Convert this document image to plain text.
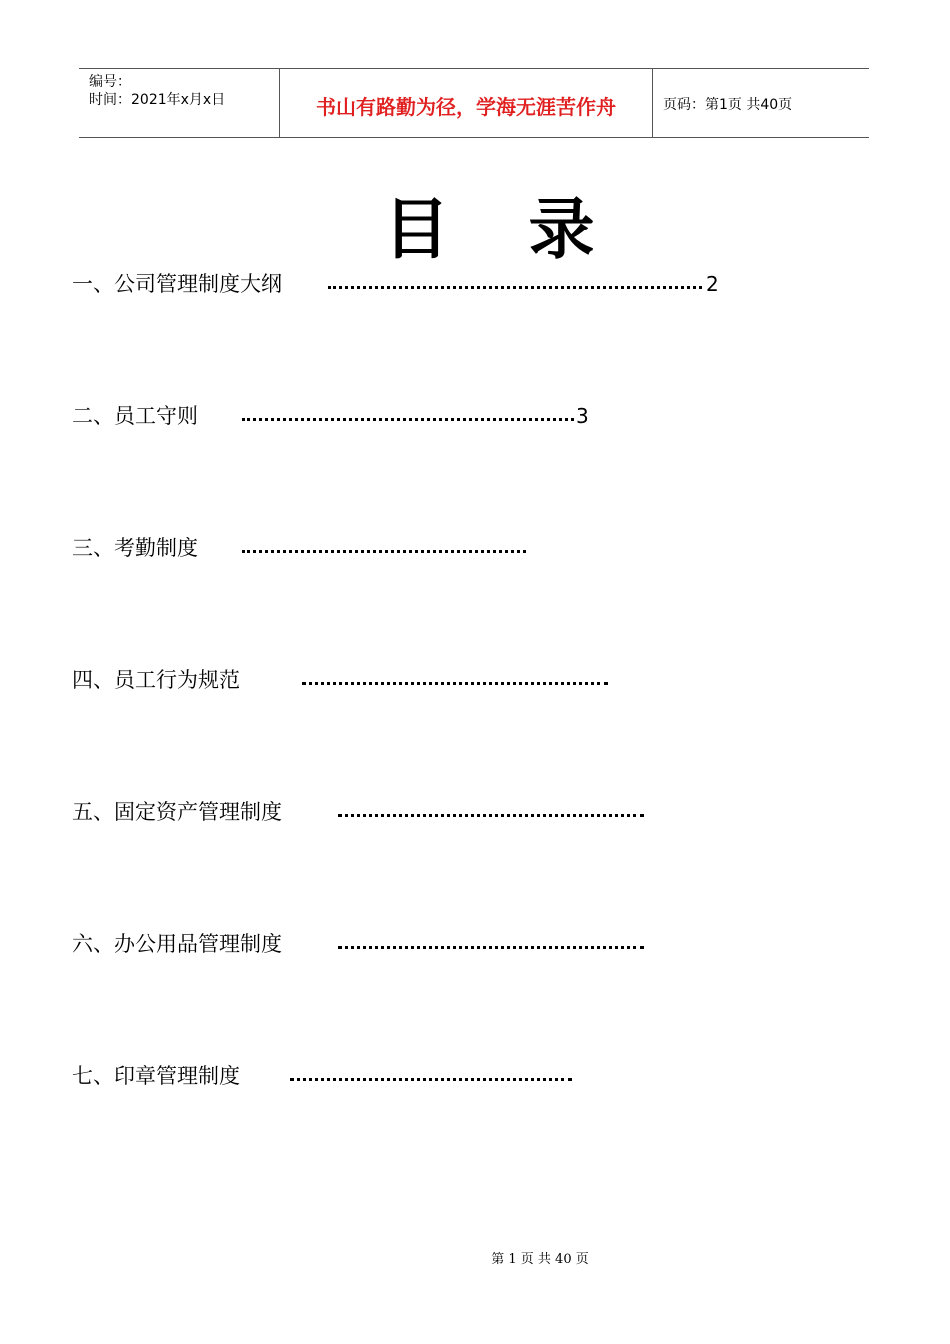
编号：
时间：2021年x月x日	书山有路勤为径，学海无涯苦作舟	页码：第1页 共40页
目 录
一、公司管理制度大纲	2
二、员工守则	3
三、考勤制度
四、员工行为规范
五、固定资产管理制度
六、办公用品管理制度
七、印章管理制度
第 1 页 共 40 页
